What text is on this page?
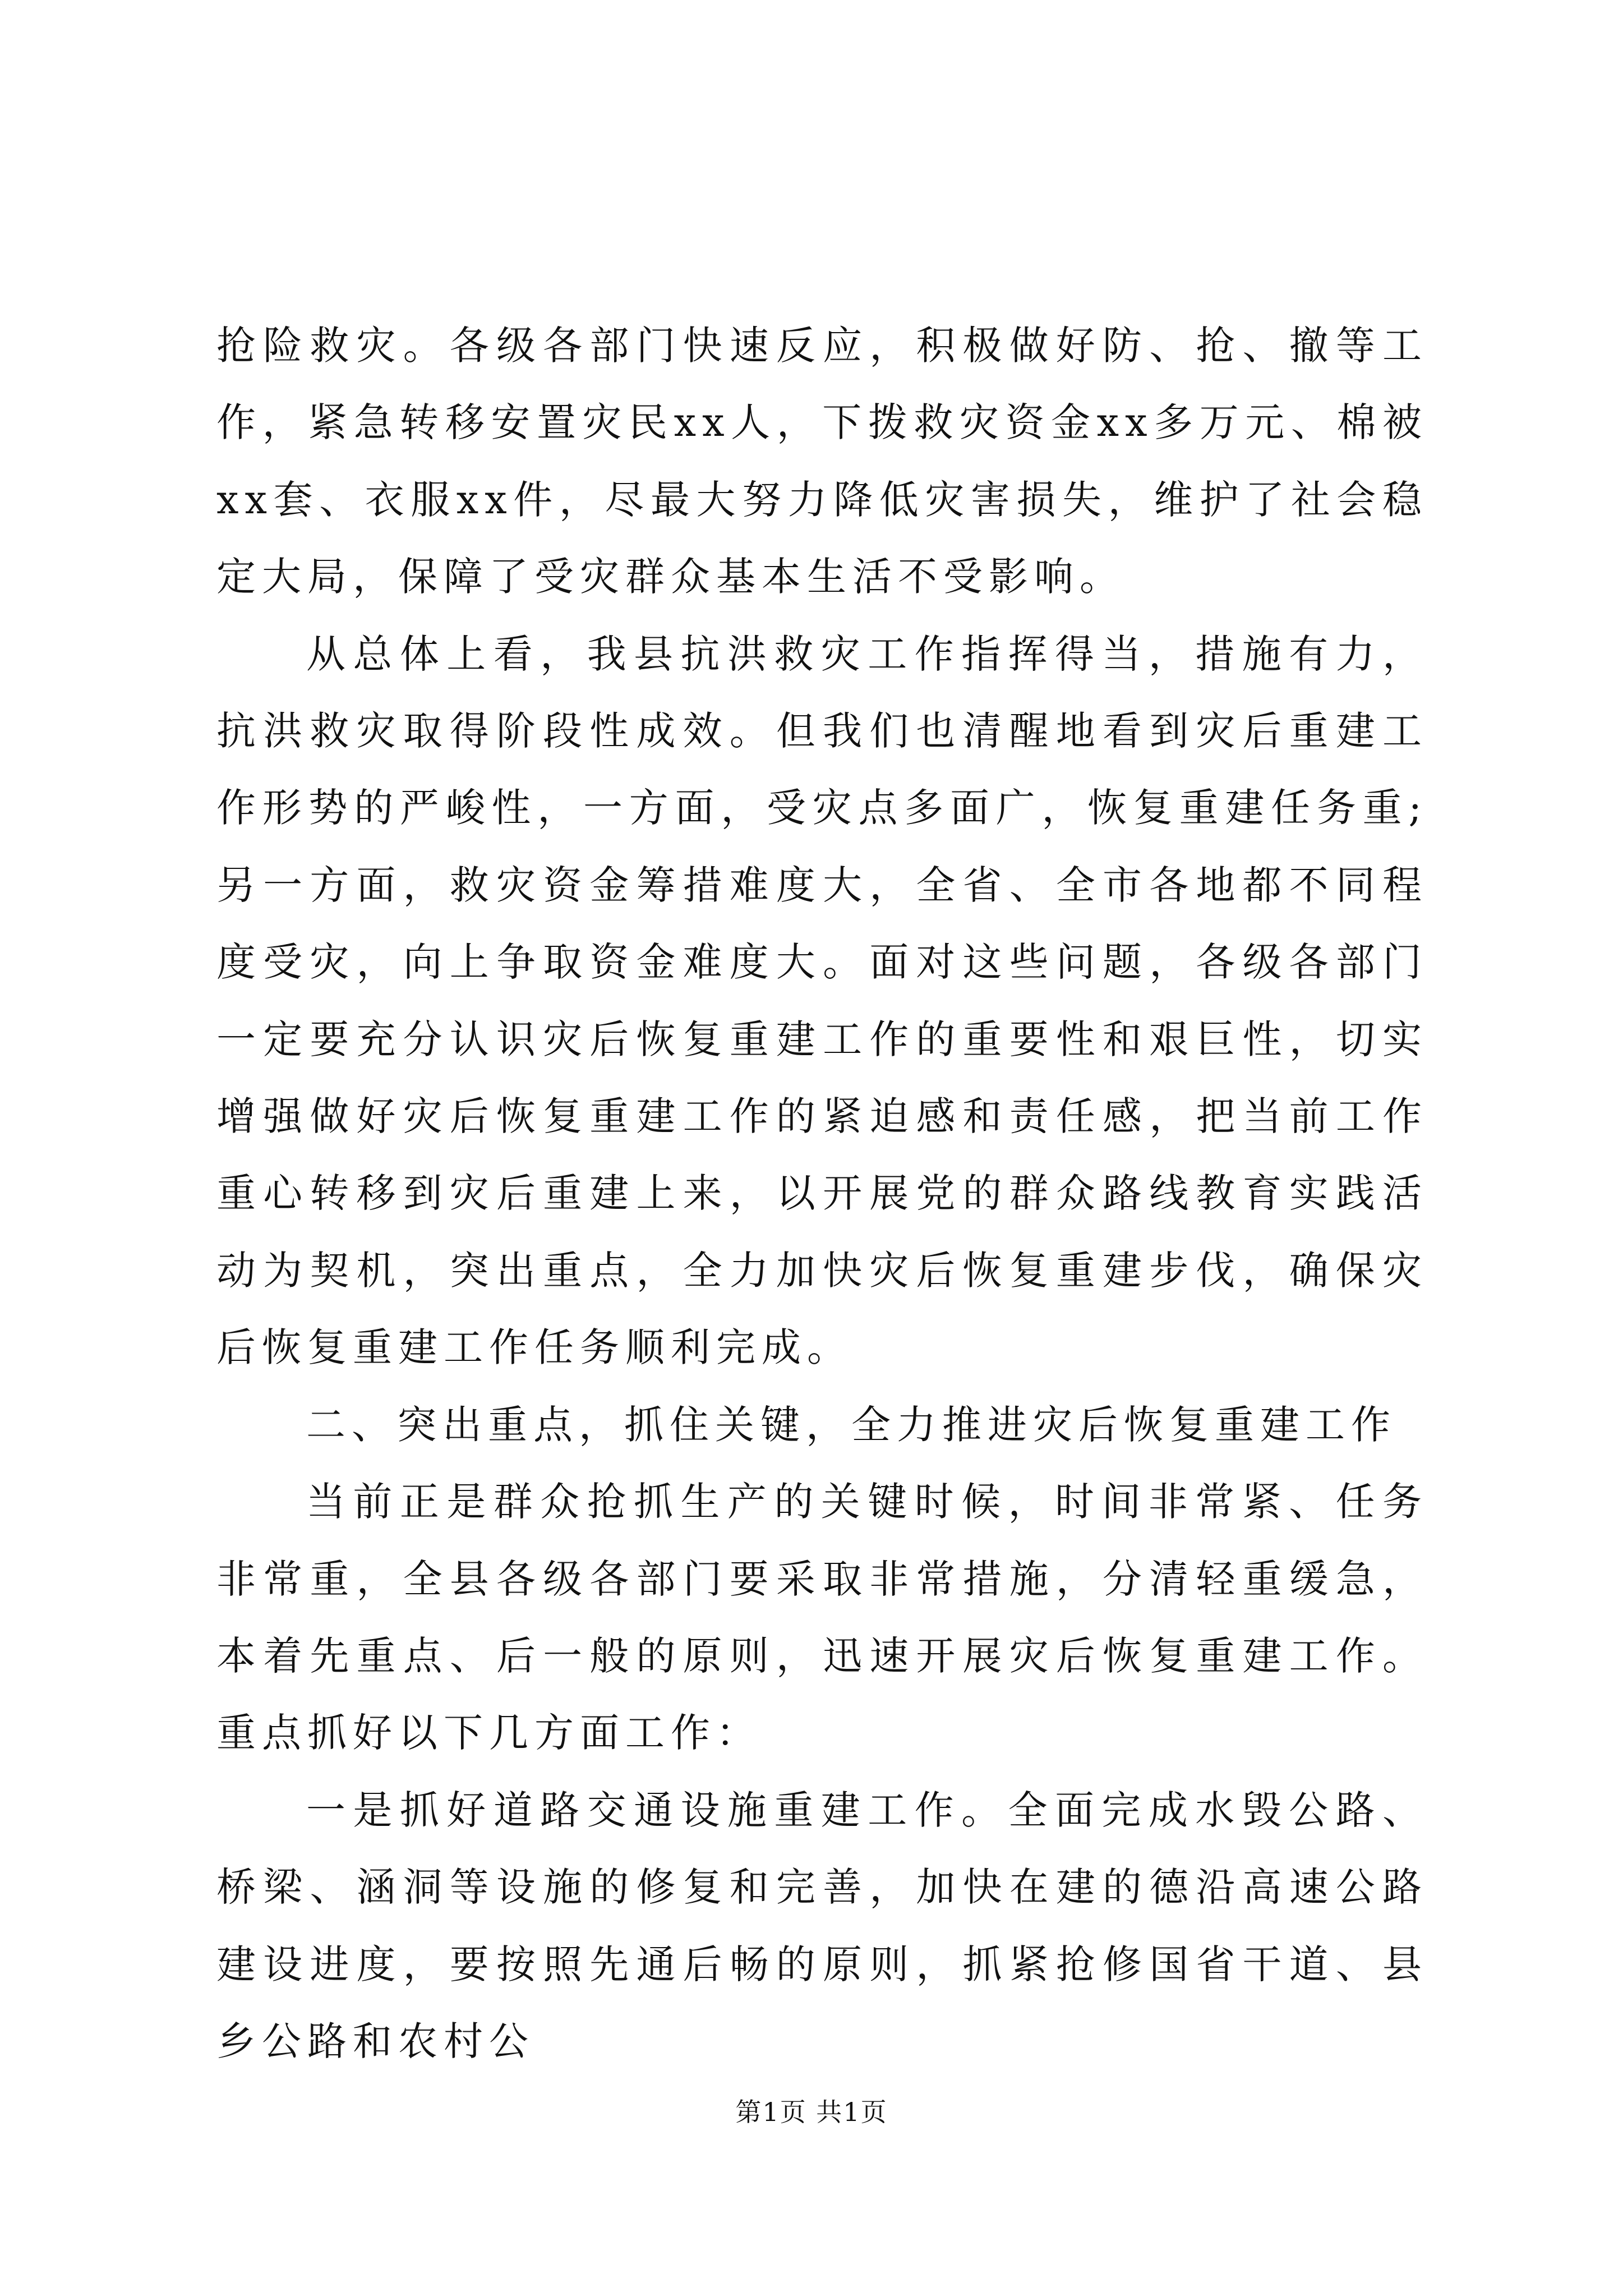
抢险救灾。各级各部门快速反应，积极做好防、抢、撤等工作，紧急转移安置灾民xx人，下拨救灾资金xx多万元、棉被xx套、衣服xx件，尽最大努力降低灾害损失，维护了社会稳定大局，保障了受灾群众基本生活不受影响。

从总体上看，我县抗洪救灾工作指挥得当，措施有力，抗洪救灾取得阶段性成效。但我们也清醒地看到灾后重建工作形势的严峻性，一方面，受灾点多面广，恢复重建任务重;另一方面，救灾资金筹措难度大，全省、全市各地都不同程度受灾，向上争取资金难度大。面对这些问题，各级各部门一定要充分认识灾后恢复重建工作的重要性和艰巨性，切实增强做好灾后恢复重建工作的紧迫感和责任感，把当前工作重心转移到灾后重建上来，以开展党的群众路线教育实践活动为契机，突出重点，全力加快灾后恢复重建步伐，确保灾后恢复重建工作任务顺利完成。

二、突出重点，抓住关键，全力推进灾后恢复重建工作

当前正是群众抢抓生产的关键时候，时间非常紧、任务非常重，全县各级各部门要采取非常措施，分清轻重缓急，本着先重点、后一般的原则，迅速开展灾后恢复重建工作。重点抓好以下几方面工作：

一是抓好道路交通设施重建工作。全面完成水毁公路、桥梁、涵洞等设施的修复和完善，加快在建的德沿高速公路建设进度，要按照先通后畅的原则，抓紧抢修国省干道、县乡公路和农村公

第1页 共1页
